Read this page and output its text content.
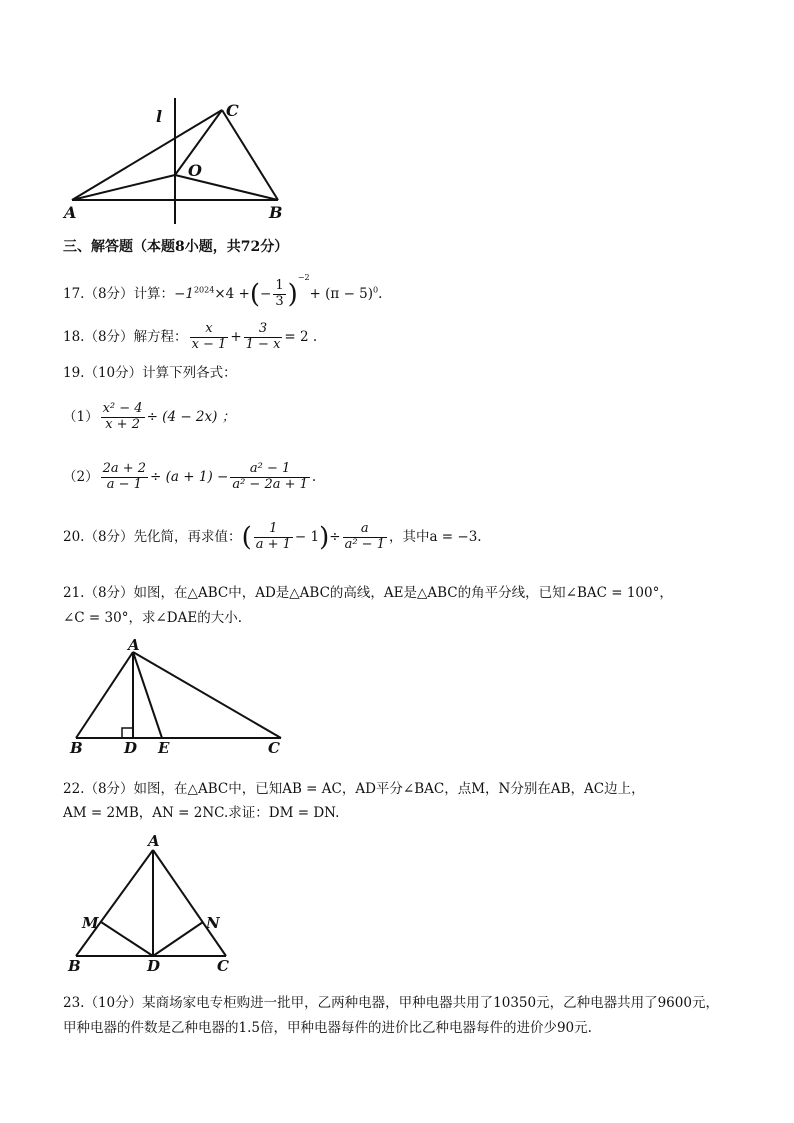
l	C
O
A	B
三、解答题（本题8小题，共72分）
17.（8分）计算：$-1^{2024}\times 4$ +(− $\frac{1}{3} )^{-2}+ (\pi - 5)^0$.
18.（8分）解方程： $\frac{x}{x - 1} + \frac{3}{1 - x} = 2$ .
19.（10分）计算下列各式：
$(1) \frac{\text{x² − 4}}{x + 2} \div (4 - 2x)$ ；
$(2) \frac{2a + 2}{a - 1} \div (a + 1) - \frac{\text{a² − 1}}{\text{a² − 2a + 1}}$ .
20.（8分）先化简，再求值：( $\frac{1}{a + 1} - 1)\div \frac{a}{\text{a² − 1}}$ ，其中a = −3.
21.（8分）如图，在△ABC中，AD是△ABC的高线，AE是△ABC的角平分线，已知∠BAC = 100°，
∠C = 30°，求∠DAE的大小.
A
B	D E	C
22.（8分）如图，在△ABC中，已知AB = AC，AD平分∠BAC，点M，N分别在AB，AC边上，
AM = 2MB，AN = 2NC.求证：DM = DN.
A
M	N
B	D	C
23.（10分）某商场家电专柜购进一批甲，乙两种电器，甲种电器共用了10350元，乙种电器共用了9600元，
甲种电器的件数是乙种电器的1.5倍，甲种电器每件的进价比乙种电器每件的进价少90元.
